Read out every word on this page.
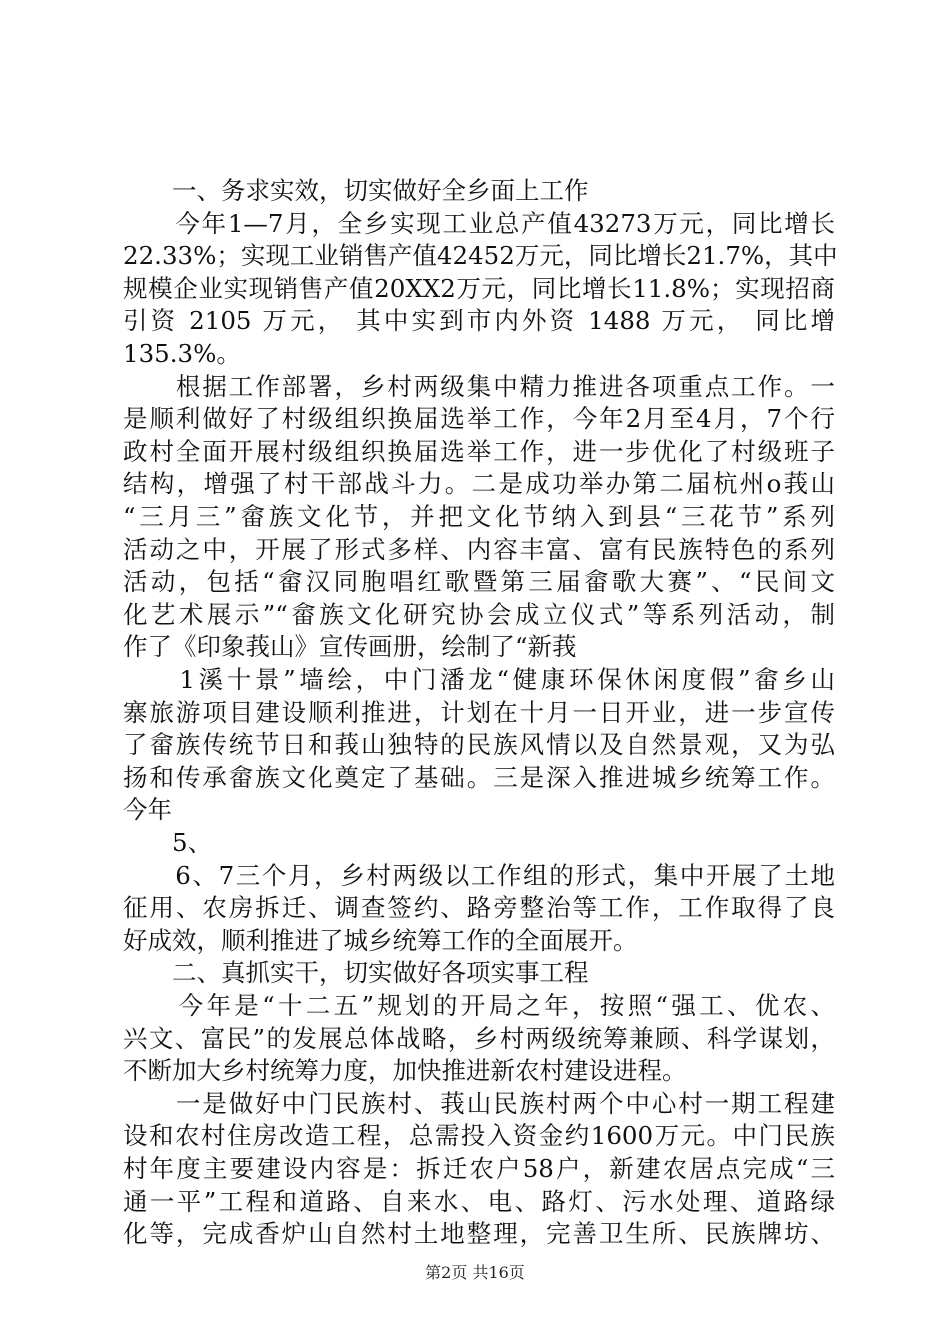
　　一、务求实效，切实做好全乡面上工作
　　今年1—7月，全乡实现工业总产值43273万元，同比增长
22.33%；实现工业销售产值42452万元，同比增长21.7%，其中
规模企业实现销售产值20XX2万元，同比增长11.8%；实现招商
引资 2105 万元， 其中实到市内外资 1488 万元， 同比增
135.3%。
　　根据工作部署，乡村两级集中精力推进各项重点工作。一
是顺利做好了村级组织换届选举工作，今年2月至4月，7个行
政村全面开展村级组织换届选举工作，进一步优化了村级班子
结构，增强了村干部战斗力。二是成功举办第二届杭州o莪山
“三月三”畲族文化节，并把文化节纳入到县“三花节”系列
活动之中，开展了形式多样、内容丰富、富有民族特色的系列
活动，包括“畲汉同胞唱红歌暨第三届畲歌大赛”、“民间文
化艺术展示”“畲族文化研究协会成立仪式”等系列活动，制
作了《印象莪山》宣传画册，绘制了“新莪
　　1溪十景”墙绘，中门潘龙“健康环保休闲度假”畲乡山
寨旅游项目建设顺利推进，计划在十月一日开业，进一步宣传
了畲族传统节日和莪山独特的民族风情以及自然景观，又为弘
扬和传承畲族文化奠定了基础。三是深入推进城乡统筹工作。
今年
　　5、
　　6、7三个月，乡村两级以工作组的形式，集中开展了土地
征用、农房拆迁、调查签约、路旁整治等工作，工作取得了良
好成效，顺利推进了城乡统筹工作的全面展开。
　　二、真抓实干，切实做好各项实事工程
　　今年是“十二五”规划的开局之年，按照“强工、优农、
兴文、富民”的发展总体战略，乡村两级统筹兼顾、科学谋划，
不断加大乡村统筹力度，加快推进新农村建设进程。
　　一是做好中门民族村、莪山民族村两个中心村一期工程建
设和农村住房改造工程，总需投入资金约1600万元。中门民族
村年度主要建设内容是：拆迁农户58户，新建农居点完成“三
通一平”工程和道路、自来水、电、路灯、污水处理、道路绿
化等，完成香炉山自然村土地整理，完善卫生所、民族牌坊、
第2页 共16页
